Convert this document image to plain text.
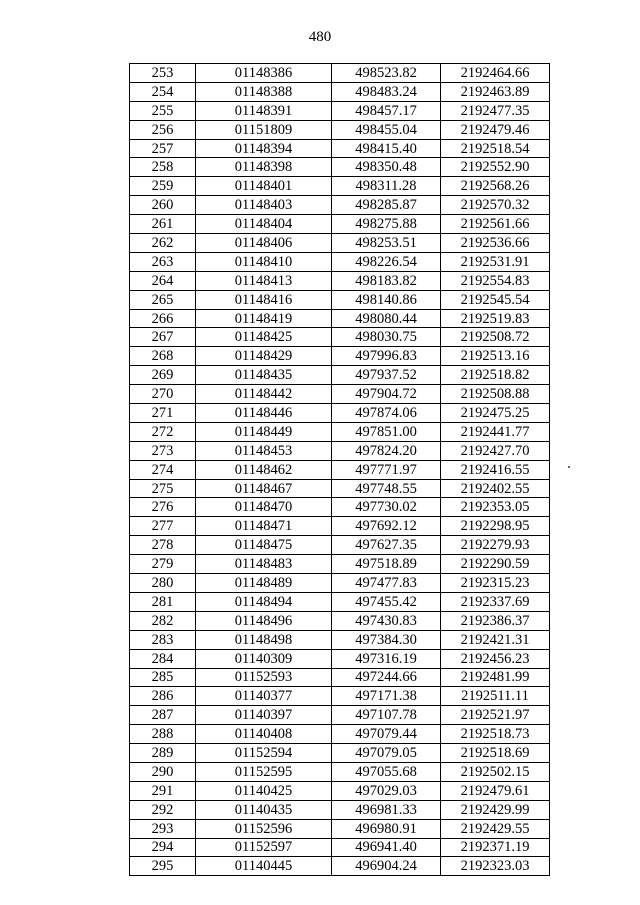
480
253	01148386	498523.82	2192464.66
254	01148388	498483.24	2192463.89
255	01148391	498457.17	2192477.35
256	01151809	498455.04	2192479.46
257	01148394	498415.40	2192518.54
258	01148398	498350.48	2192552.90
259	01148401	498311.28	2192568.26
260	01148403	498285.87	2192570.32
261	01148404	498275.88	2192561.66
262	01148406	498253.51	2192536.66
263	01148410	498226.54	2192531.91
264	01148413	498183.82	2192554.83
265	01148416	498140.86	2192545.54
266	01148419	498080.44	2192519.83
267	01148425	498030.75	2192508.72
268	01148429	497996.83	2192513.16
269	01148435	497937.52	2192518.82
270	01148442	497904.72	2192508.88
271	01148446	497874.06	2192475.25
272	01148449	497851.00	2192441.77
273	01148453	497824.20	2192427.70
274	01148462	497771.97	2192416.55
275	01148467	497748.55	2192402.55
276	01148470	497730.02	2192353.05
277	01148471	497692.12	2192298.95
278	01148475	497627.35	2192279.93
279	01148483	497518.89	2192290.59
280	01148489	497477.83	2192315.23
281	01148494	497455.42	2192337.69
282	01148496	497430.83	2192386.37
283	01148498	497384.30	2192421.31
284	01140309	497316.19	2192456.23
285	01152593	497244.66	2192481.99
286	01140377	497171.38	2192511.11
287	01140397	497107.78	2192521.97
288	01140408	497079.44	2192518.73
289	01152594	497079.05	2192518.69
290	01152595	497055.68	2192502.15
291	01140425	497029.03	2192479.61
292	01140435	496981.33	2192429.99
293	01152596	496980.91	2192429.55
294	01152597	496941.40	2192371.19
295	01140445	496904.24	2192323.03
